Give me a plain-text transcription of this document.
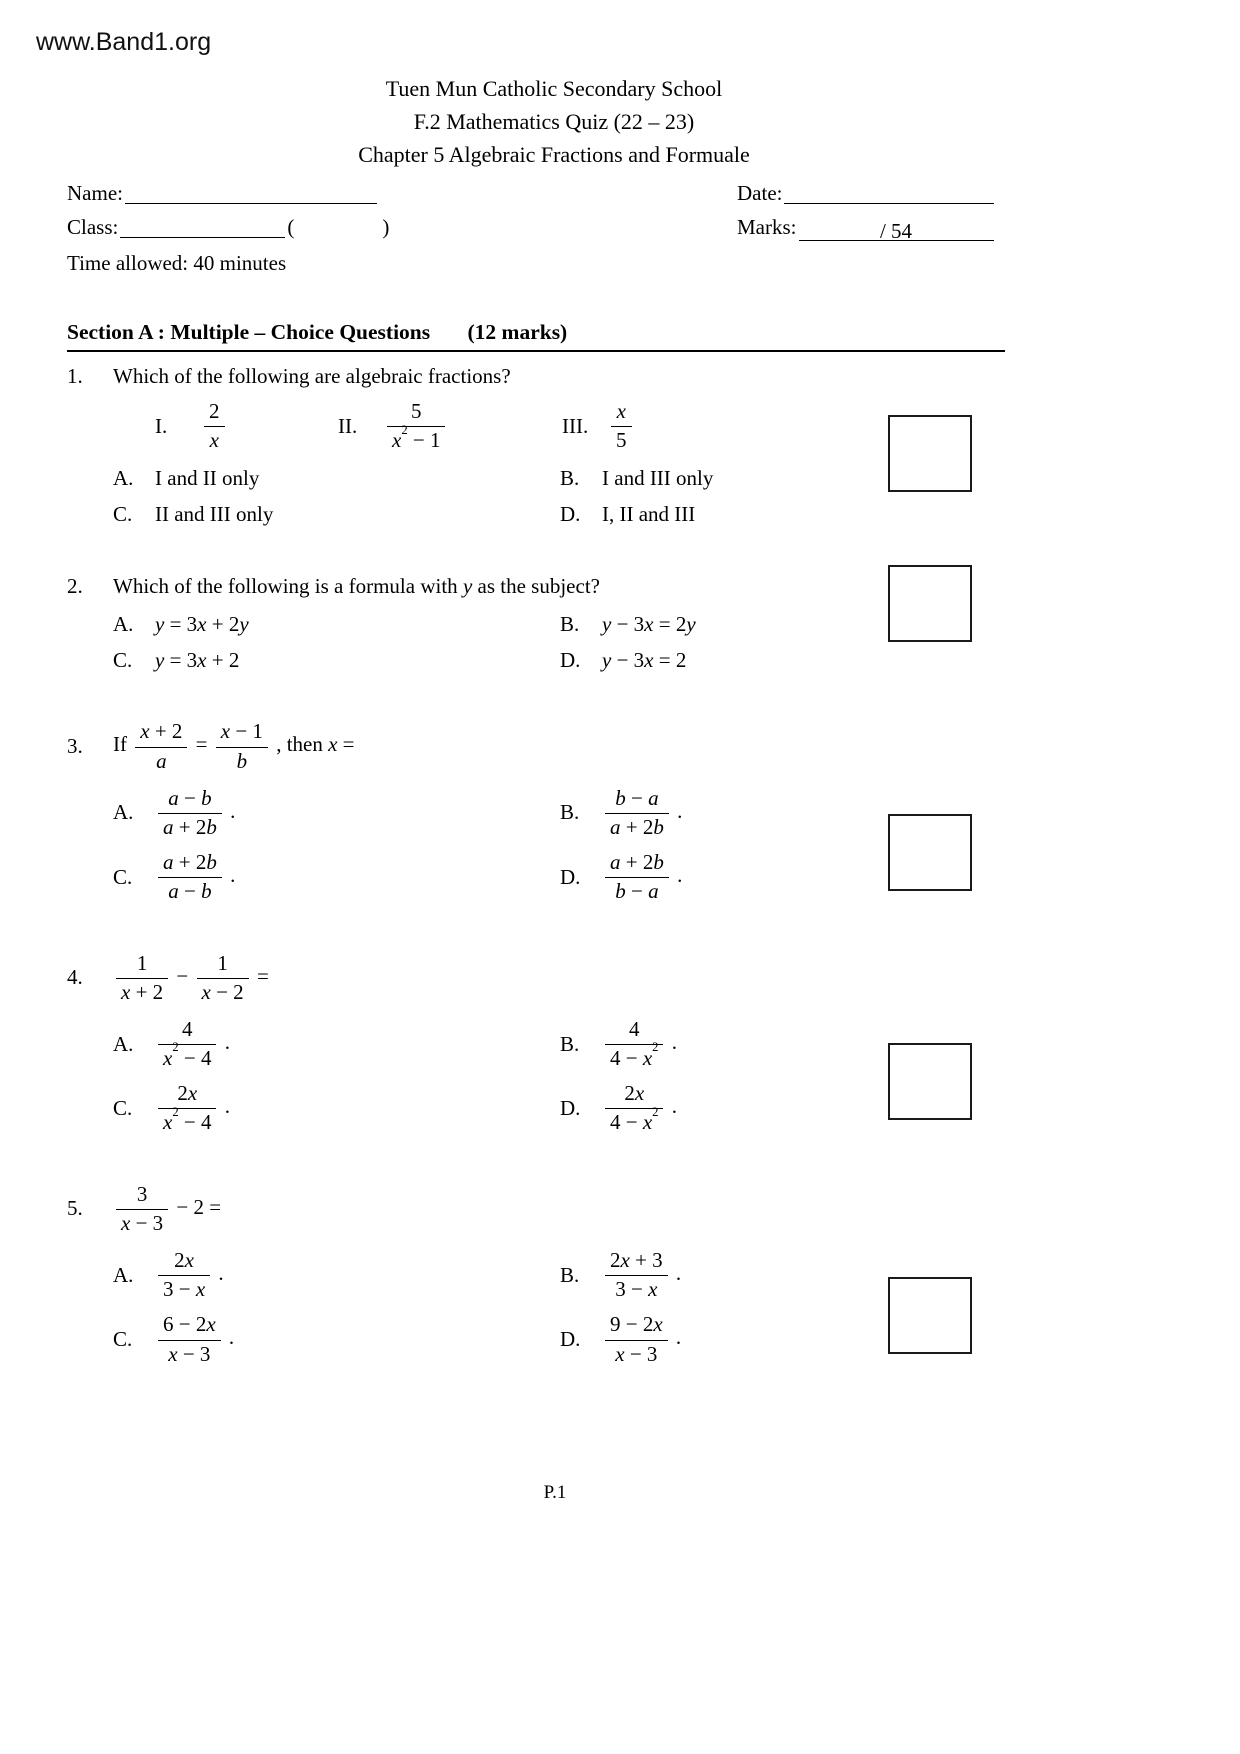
www.Band1.org
Tuen Mun Catholic Secondary School
F.2 Mathematics Quiz (22 – 23)
Chapter 5 Algebraic Fractions and Formuale
Name:	Date:
Class:	(	)	Marks:	/ 54
Time allowed: 40 minutes
Section A : Multiple – Choice Questions (12 marks)
1.	Which of the following are algebraic fractions?
I.	$\frac{2}{x}$	II.	$\frac{5}{x^2 - 1}$	III. $\frac{x}{5}$
A.	I and II only	B.	I and III only
C.	II and III only	D.	I, II and III
2.	Which of the following is a formula with y as the subject?
A.	y = 3x + 2y	B.	y − 3x = 2y
C.	y = 3x + 2	D.	y − 3x = 2
3.	If $\frac{x + 2}{a} = \frac{x - 1}{b}$ , then x =
A.	$\frac{a - b}{a + 2b}$ .	B.	$\frac{b - a}{a + 2b}$ .
C.	$\frac{a + 2b}{a - b}$ .	D.	$\frac{a + 2b}{b - a}$ .
4.	$\frac{1}{x + 2} - \frac{1}{x - 2}$ =
A.	$\frac{4}{x^2 - 4}$ .	B.	$\frac{4}{4 - x^2}$ .
C.	$\frac{2x}{x^2 - 4}$ .	D.	$\frac{2x}{4 - x^2}$ .
5.	$\frac{3}{x - 3} - 2$ =
A.	$\frac{2x}{3 - x}$ .	B.	$\frac{2x + 3}{3 - x}$ .
C.	$\frac{6 - 2x}{x - 3}$ .	D.	$\frac{9 - 2x}{x - 3}$ .
P.1
